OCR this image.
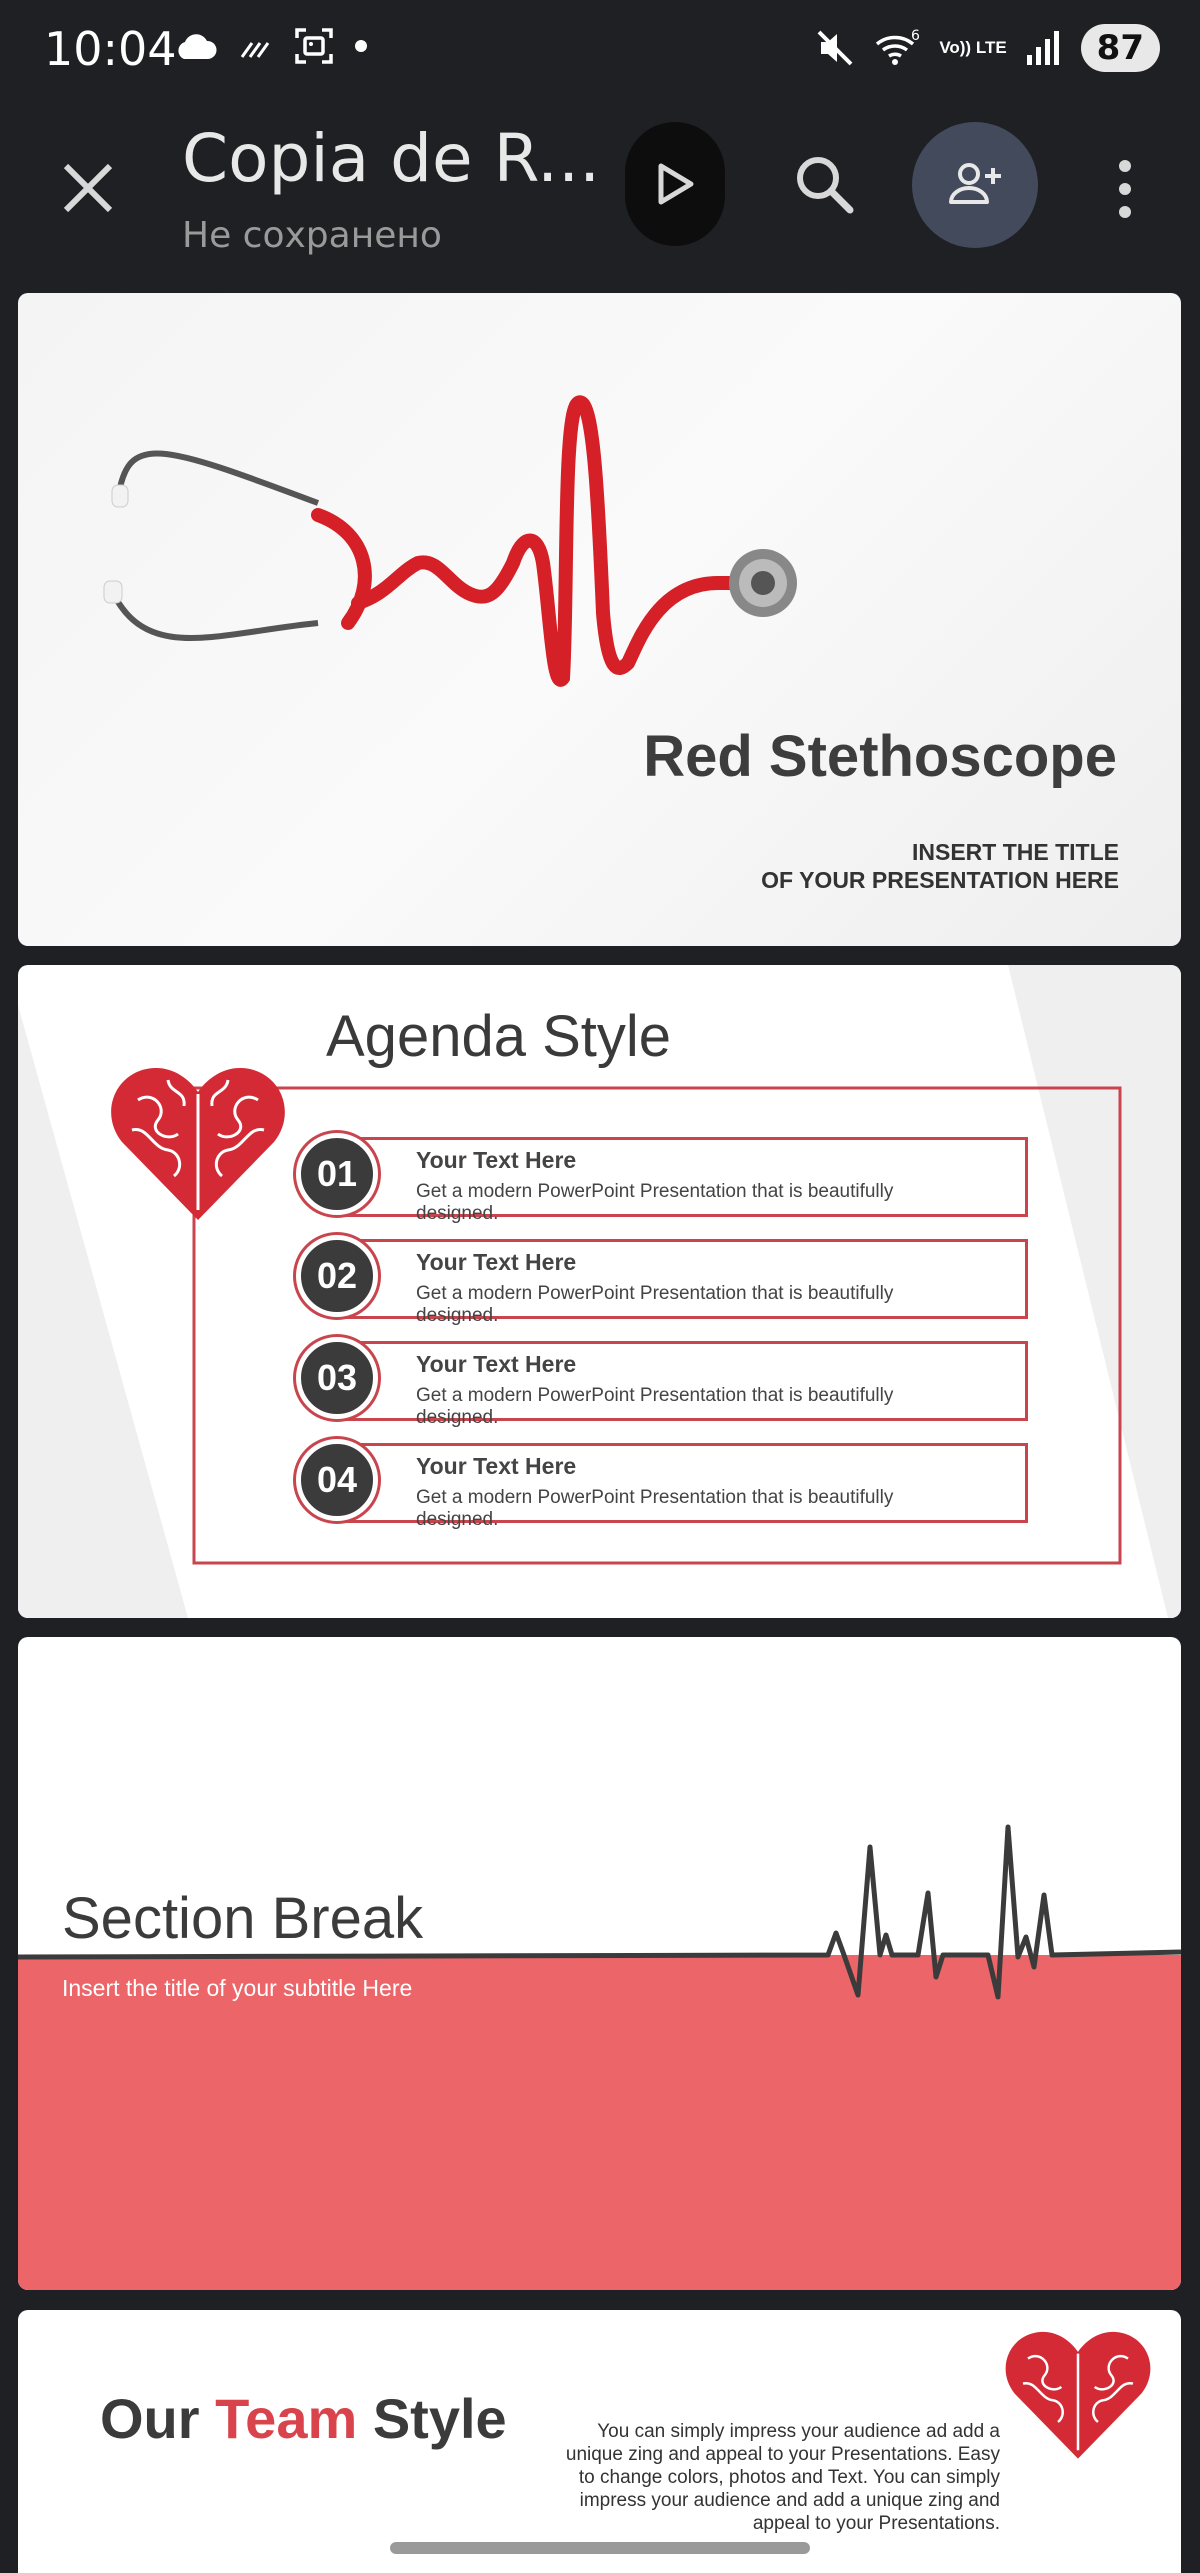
10:04	6
Vo)) LTE	87
Copia de R...
Не сохранено
Red Stethoscope
INSERT THE TITLE
OF YOUR PRESENTATION HERE
Agenda Style
01	Your Text Here
Get a modern PowerPoint Presentation that is beautifully designed.
02	Your Text Here
Get a modern PowerPoint Presentation that is beautifully designed.
03	Your Text Here
Get a modern PowerPoint Presentation that is beautifully designed.
04	Your Text Here
Get a modern PowerPoint Presentation that is beautifully designed.
Section Break
Insert the title of your subtitle Here
Our Team Style	You can simply impress your audience ad add a unique zing and appeal to your Presentations. Easy to change colors, photos and Text. You can simply impress your audience and add a unique zing and appeal to your Presentations.
